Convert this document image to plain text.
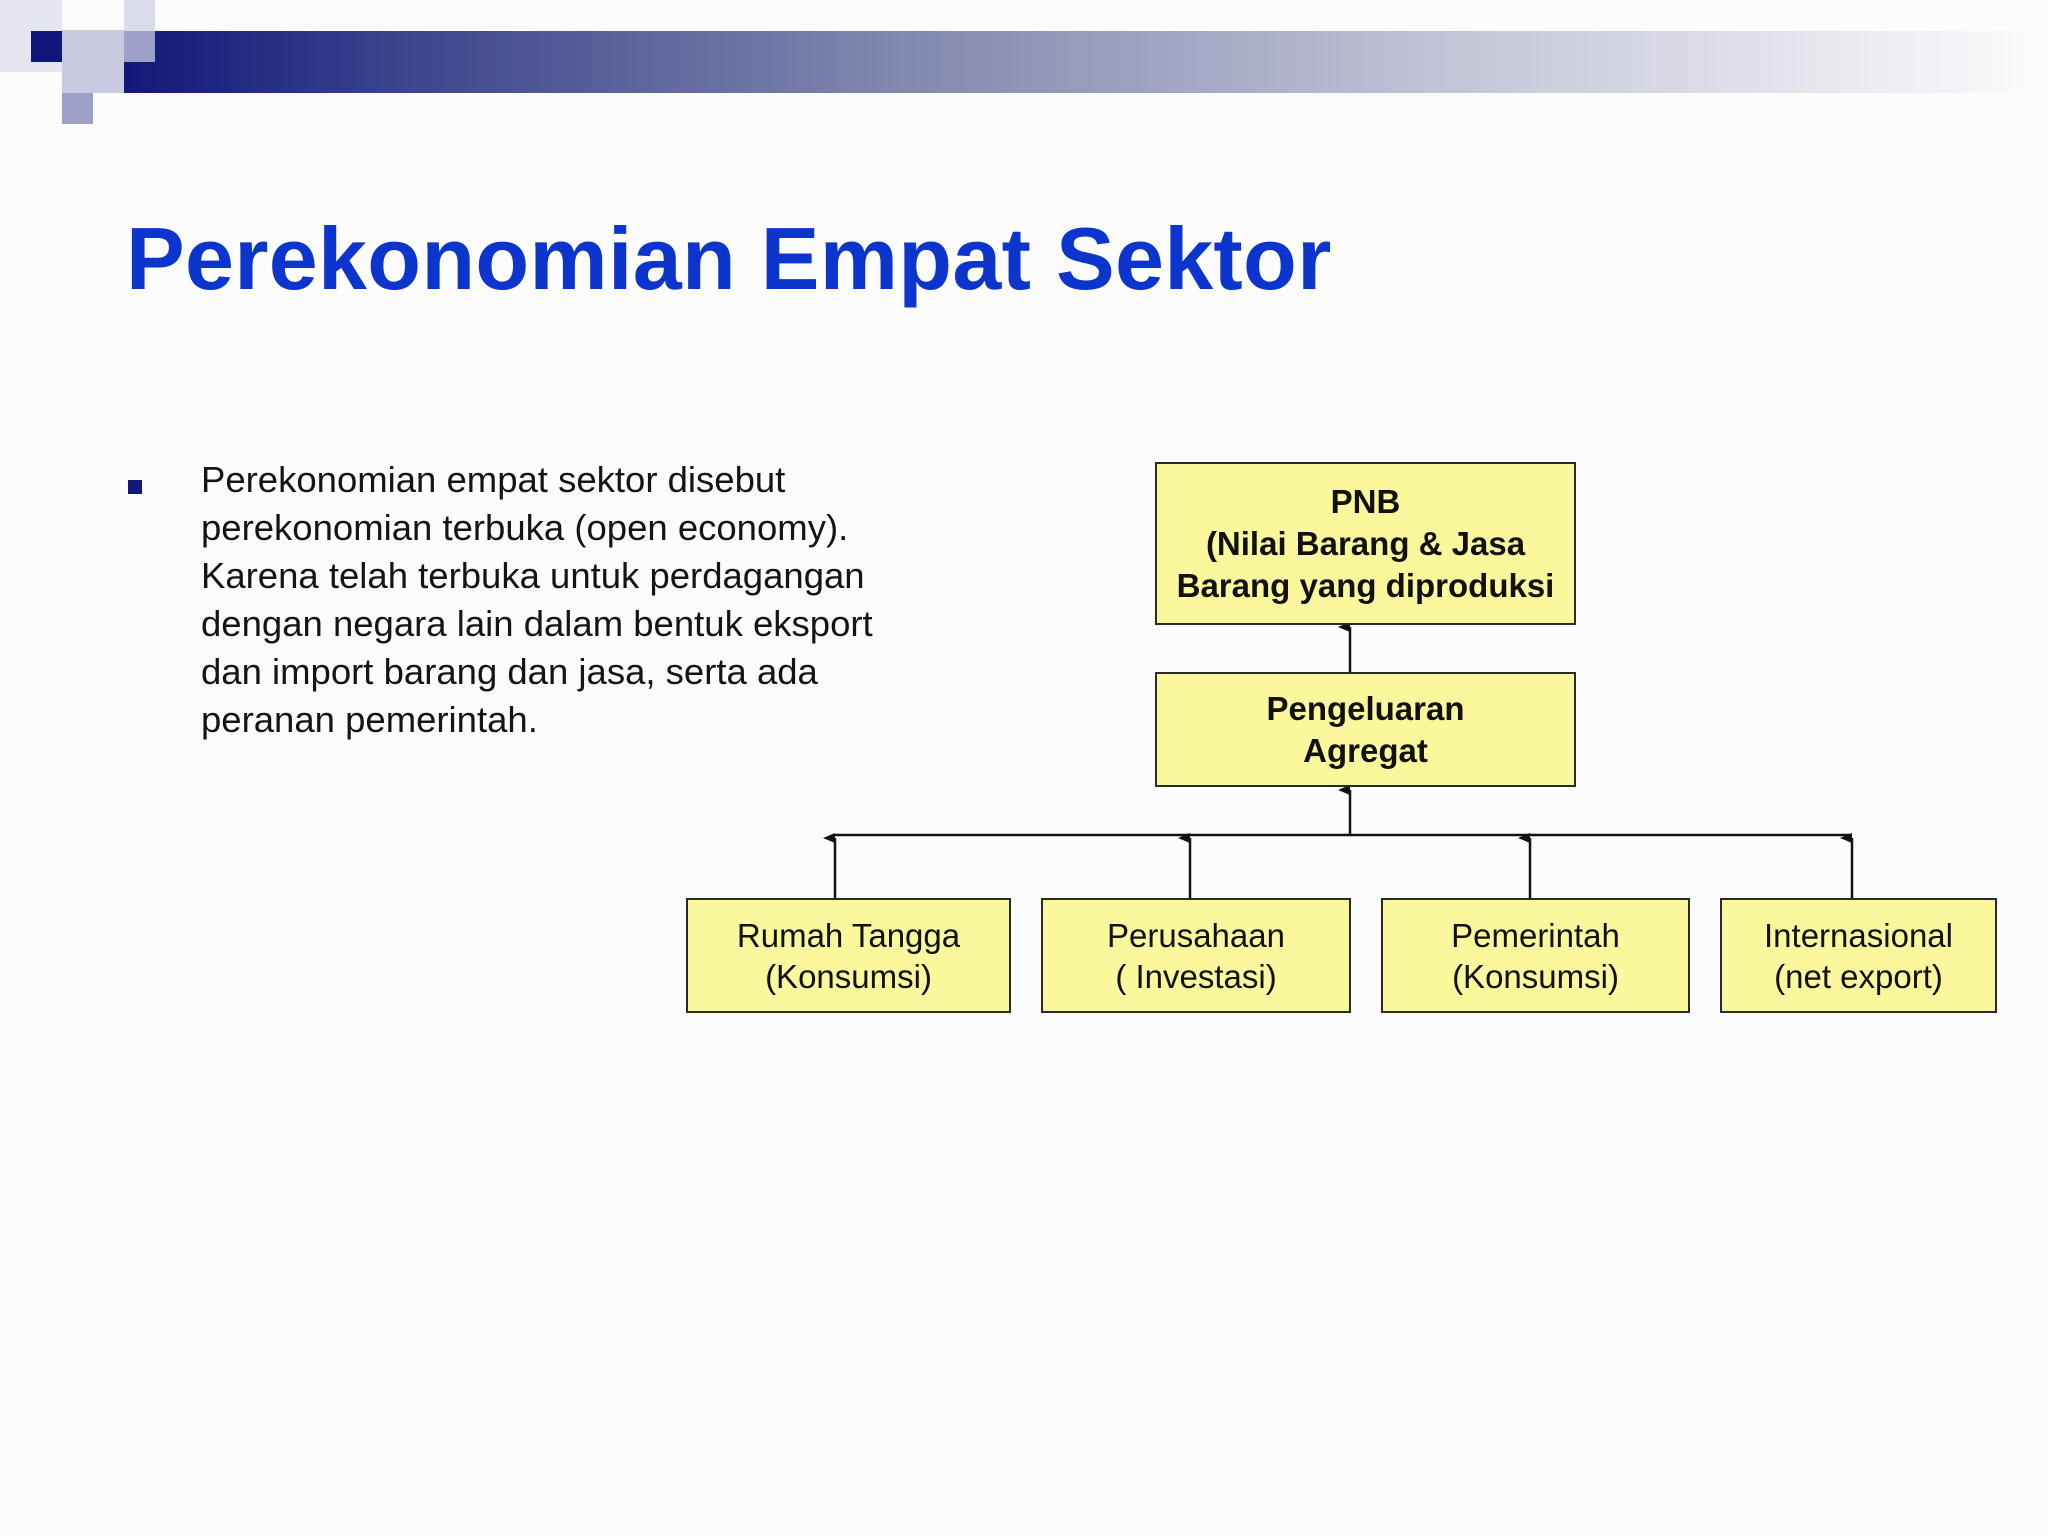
Perekonomian Empat Sektor
Perekonomian empat sektor disebut
perekonomian terbuka (open economy).
Karena telah terbuka untuk perdagangan
dengan negara lain dalam bentuk eksport
dan import barang dan jasa, serta ada
peranan pemerintah.
PNB
(Nilai Barang & Jasa
Barang yang diproduksi
Pengeluaran
Agregat
Rumah Tangga
(Konsumsi)
Perusahaan
( Investasi)
Pemerintah
(Konsumsi)
Internasional
(net export)
